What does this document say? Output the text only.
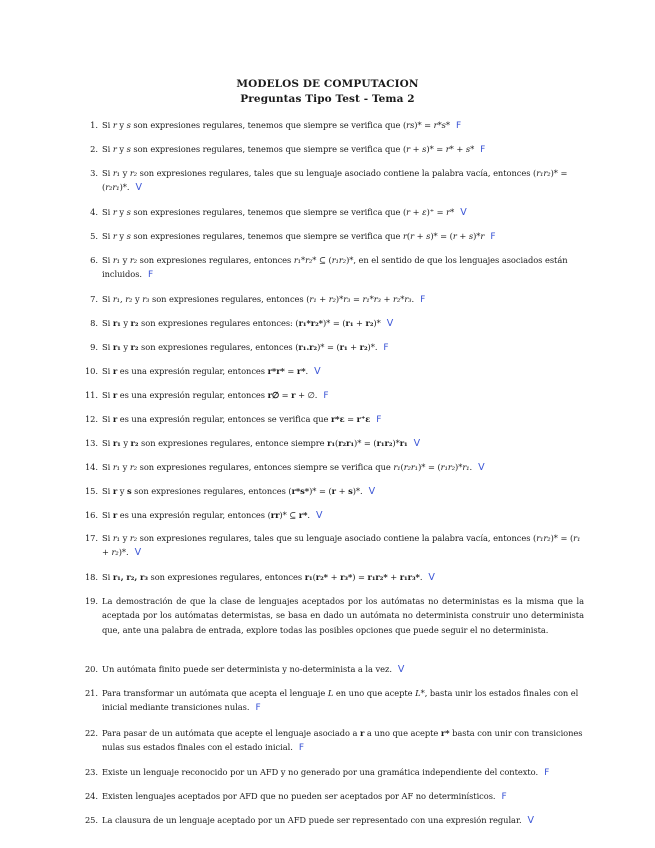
MODELOS DE COMPUTACION
Preguntas Tipo Test - Tema 2
1. Si r y s son expresiones regulares, tenemos que siempre se verifica que (rs)* = r*s* F
2. Si r y s son expresiones regulares, tenemos que siempre se verifica que (r + s)* = r* + s* F
3. Si r₁ y r₂ son expresiones regulares, tales que su lenguaje asociado contiene la palabra vacía, entonces (r₁r₂)* = (r₂r₁)*. V
4. Si r y s son expresiones regulares, tenemos que siempre se verifica que (r + ε)⁺ = r* V
5. Si r y s son expresiones regulares, tenemos que siempre se verifica que r(r + s)* = (r + s)*r F
6. Si r₁ y r₂ son expresiones regulares, entonces r₁*r₂* ⊆ (r₁r₂)*, en el sentido de que los lenguajes asociados están incluidos. F
7. Si r₁, r₂ y r₃ son expresiones regulares, entonces (r₁ + r₂)*r₃ = r₁*r₃ + r₂*r₃. F
8. Si r₁ y r₂ son expresiones regulares entonces: (r₁*r₂*)* = (r₁ + r₂)* V
9. Si r₁ y r₂ son expresiones regulares, entonces (r₁.r₂)* = (r₁ + r₂)*. F
10. Si r es una expresión regular, entonces r*r* = r*. V
11. Si r es una expresión regular, entonces r∅ = r + ∅. F
12. Si r es una expresión regular, entonces se verifica que r*ε = r⁺ε F
13. Si r₁ y r₂ son expresiones regulares, entonce siempre r₁(r₂r₁)* = (r₁r₂)*r₁ V
14. Si r₁ y r₂ son expresiones regulares, entonces siempre se verifica que r₁(r₂r₁)* = (r₁r₂)*r₁. V
15. Si r y s son expresiones regulares, entonces (r*s*)* = (r + s)*. V
16. Si r es una expresión regular, entonces (rr)* ⊆ r*. V
17. Si r₁ y r₂ son expresiones regulares, tales que su lenguaje asociado contiene la palabra vacía, entonces (r₁r₂)* = (r₁ + r₂)*. V
18. Si r₁, r₂, r₃ son expresiones regulares, entonces r₁(r₂* + r₃*) = r₁r₂* + r₁r₃*. V
19. La demostración de que la clase de lenguajes aceptados por los autómatas no deterministas es la misma que la aceptada por los autómatas determistas, se basa en dado un autómata no determinista construir uno determinista que, ante una palabra de entrada, explore todas las posibles opciones que puede seguir el no determinista.
20. Un autómata finito puede ser determinista y no-determinista a la vez. V
21. Para transformar un autómata que acepta el lenguaje L en uno que acepte L*, basta unir los estados finales con el inicial mediante transiciones nulas. F
22. Para pasar de un autómata que acepte el lenguaje asociado a r a uno que acepte r* basta con unir con transiciones nulas sus estados finales con el estado inicial. F
23. Existe un lenguaje reconocido por un AFD y no generado por una gramática independiente del contexto. F
24. Existen lenguajes aceptados por AFD que no pueden ser aceptados por AF no determinísticos. F
25. La clausura de un lenguaje aceptado por un AFD puede ser representado con una expresión regular. V
